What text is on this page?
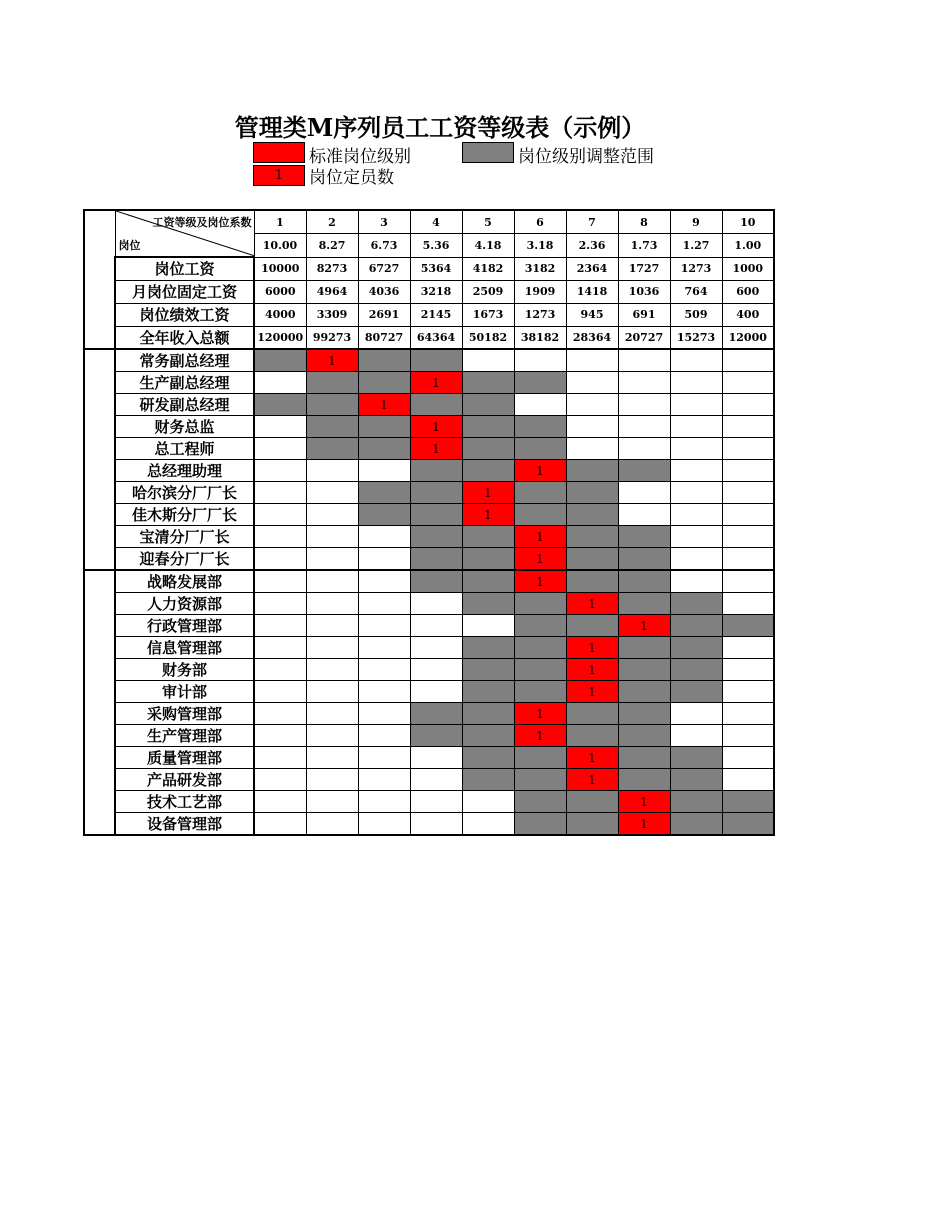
管理类M序列员工工资等级表（示例）
标准岗位级别	岗位级别调整范围
1	岗位定员数

	工资等级及岗位系数
岗位	1	2	3	4	5	6	7	8	9	10
		10.00	8.27	6.73	5.36	4.18	3.18	2.36	1.73	1.27	1.00
	岗位工资	10000	8273	6727	5364	4182	3182	2364	1727	1273	1000
	月岗位固定工资	6000	4964	4036	3218	2509	1909	1418	1036	764	600
	岗位绩效工资	4000	3309	2691	2145	1673	1273	945	691	509	400
	全年收入总额	120000	99273	80727	64364	50182	38182	28364	20727	15273	12000
	常务副总经理		1								
	生产副总经理				1						
	研发副总经理			1							
	财务总监				1						
	总工程师				1						
	总经理助理						1				
	哈尔滨分厂厂长					1					
	佳木斯分厂厂长					1					
	宝清分厂厂长						1				
	迎春分厂厂长						1				
	战略发展部						1				
	人力资源部							1			
	行政管理部								1		
	信息管理部							1			
	财务部							1			
	审计部							1			
	采购管理部						1				
	生产管理部						1				
	质量管理部							1			
	产品研发部							1			
	技术工艺部								1		
	设备管理部								1		
